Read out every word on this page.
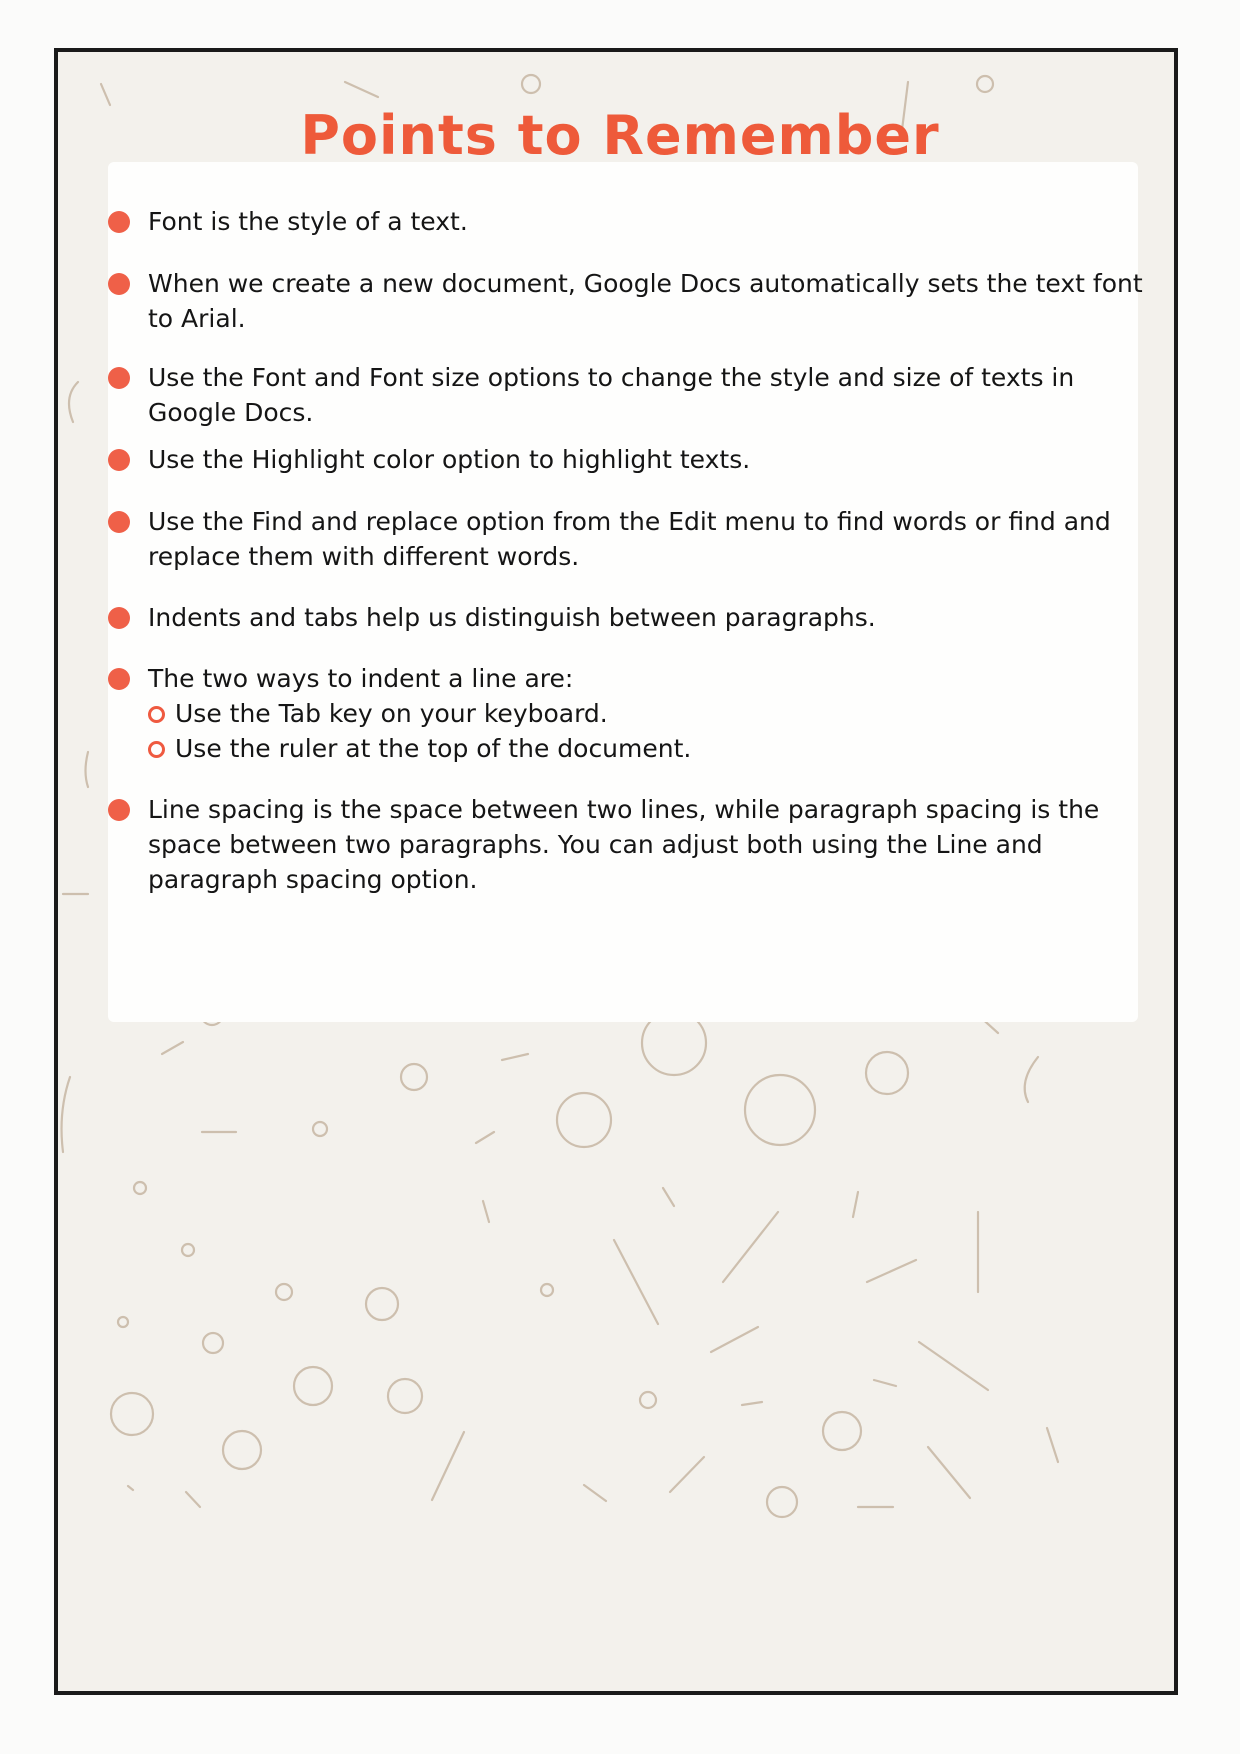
Points to Remember
Font is the style of a text.
When we create a new document, Google Docs automatically sets the text font to Arial.
Use the Font and Font size options to change the style and size of texts in Google Docs.
Use the Highlight color option to highlight texts.
Use the Find and replace option from the Edit menu to find words or find and replace them with different words.
Indents and tabs help us distinguish between paragraphs.
The two ways to indent a line are:
Use the Tab key on your keyboard.
Use the ruler at the top of the document.
Line spacing is the space between two lines, while paragraph spacing is the space between two paragraphs. You can adjust both using the Line and paragraph spacing option.
